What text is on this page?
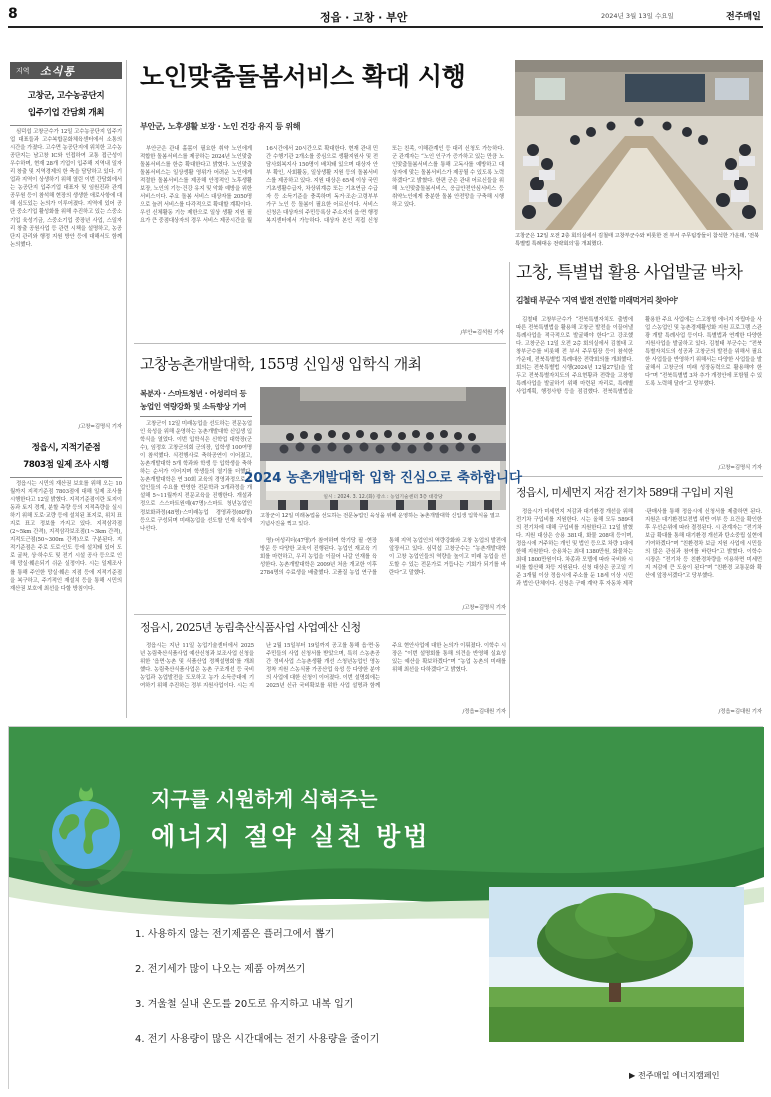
8	정읍 · 고창 · 부안	2024년 3월 13일 수요일	전주매일
지역 소식통
고창군, 고수농공단지
입주기업 간담회 개최

심덕섭 고창군수가 12일 고수농공단지 입주기업 대표들과 고수복합문화체육센터에서 소통의 시간을 가졌다. 고수면 농공단지에 위치한 고수농공단지는 남고창 IC와 인접하여 교통 접근성이 우수하며, 현재 28개 기업이 입주해 지역내 일자리 창출 및 지역경제의 한 축을 담당하고 있다. 기업과 지역이 상생하기 위해 열린 이번 간담회에서는 농공단지 입주기업 대표자 및 임원진과 관계 공무원 등이 참석해 현장의 생생한 애로사항에 대해 심도있는 논의가 이루어졌다. 지역에 있어 공단 중소기업 활성화를 위해 추진하고 있는 스중소기업 육성기금, 스중소기업 중장년 사업, 스일자리 창출 공원사업 등 관련 시책을 설명하고, 농공단지 관리와 행정 지원 방안 등에 대해서도 함께 논의했다.

/고창=김명식 기자
정읍시, 지적기준점
7803점 일제 조사 시행

정읍시는 시민의 재산권 보호를 위해 오는 10월까지 지적기준점 7803점에 대해 일제 조사를 시행한다고 12일 밝혔다. 지적기준점이란 토지이동과 토지 경계, 분할 측량 등의 지적측량을 실시하기 위해 도로·교량 등에 설치된 표지로, 위치 표지로 표고 정보를 가지고 있다. 지적삼각점(2~5km 간격), 지적삼각보조점(1~3km 간격), 지적도근점(50~300m 간격)으로 구분된다. 지적기준점은 주로 도로·인도 등에 설치돼 있어 도로 굴착, 상·하수도 및 전기 시설 공사 등으로 인해 망실·훼손되기 쉬운 실정이다. 시는 일제조사를 통해 주인한 망실·훼손 지점 등에 지적기준점을 복구하고, 주기적인 재설치 등을 통해 시민의 재산권 보호에 최선을 다할 방침이다.

노인맞춤돌봄서비스 확대 시행
부안군, 노후생활 보장 · 노인 건강 유지 등 위해

부안군은 관내 홀몸이 필요한 취약 노인에게 적합한 돌봄서비스를 제공하는 2024년 노인맞춤돌봄서비스를 한층 확대한다고 밝혔다. 노인맞춤돌봄서비스는 일상생활 영위가 어려운 노인에게 적절한 돌봄서비스를 제공해 안정적인 노후생활 보장, 노인의 기능·건강 유지 및 악화 예방을 위한 서비스이다. 주요 돌봄 서비스 대상자를 2050명으로 늘려 서비스를 다각적으로 확대할 계획이다. 우선 신체활동 기능 제한으로 일상 생활 지원 필요가 큰 중점대상자의 경우 서비스 제공시간을 월 16시간에서 20시간으로 확대한다. 현재 관내 민간 수행기관 2개소를 중심으로 생활지원사 및 전담사회복지사 150명이 배치돼 있으며 대상자 안부 확인, 사회활동, 일상생활 지원 등의 돌봄서비스를 제공하고 있다. 지원 대상은 65세 이상 국민기초생활수급자, 차상위계층 또는 기초연금 수급자 등 소득기준을 충족하며 독거·조손·고령부부 가구 노인 등 돌봄이 필요한 어르신이다. 서비스 신청은 대상자의 주민등록상 주소지의 읍·면 행정복지센터에서 가능하다. 대상자 본인 직접 신청 또는 친족, 이해관계인 등 대리 신청도 가능하다. 군 관계자는 “노인 인구가 증가하고 있는 만큼 노인맞춤돌봄서비스를 통해 고독사를 예방하고 대상자에 맞는 돌봄서비스가 제공될 수 있도록 노력하겠다”고 밝혔다. 한편 군은 관내 어르신들을 위해 노인맞춤돌봄서비스, 응급안전안심서비스 등 취약노인에게 충분한 돌봄 안전망을 구축해 시행하고 있다.

/부안=김석원 기자
고창군은 12일 오전 2층 회의실에서 김철태 고창부군수와 비롯한 전 부서 주무팀장들이 참석한 가운데, '전북특별법 특례대응 전략회의'를 개최했다.
고창, 특별법 활용 사업발굴 박차
김철태 부군수 '지역 발전 견인할 미래먹거리 찾아야'

김철태 고창부군수가 “전북특별자치도 출범에 따른 전북특별법을 활용해 고창군 발전을 이끌어낼 특례사업을 적극적으로 발굴해야 한다”고 강조했다. 고창군은 12일 오전 2층 회의실에서 김철태 고창부군수를 비롯해 전 부서 주무팀장 등이 참석한 가운데, 전북특별법 특례대응 전략회의를 개최했다. 회의는 전북특별법 시행(2024년 12월27일)을 앞두고 전북특별자치도의 주요현황과 전략을 고창형 특례사업을 발굴하기 위해 마련된 자리로, 특례별 사업계획, 행정사항 등을 점검했다. 전북특별법을 활용한 주요 사업에는 스고창형 에너지 자립마을 사업 스농업인 및 농촌경제활성화 지원 프로그램 스관광 개발 특례사업 등이다. 특별법과 연계한 다양한 지원사업을 발굴하고 있다. 김철태 부군수는 “전북특별자치도의 성공과 고창군의 발전을 위해서 필요한 사업들을 반영하기 위해서는 다양한 사업들을 발굴해서 고창군의 미래 성장동력으로 활용해야 한다”며 “전북특별법 3차 추가 개정안에 포함될 수 있도록 노력해 달라”고 당부했다.

/고창=김명식 기자
고창농촌개발대학, 155명 신입생 입학식 개최
복분자 · 스마트청년 · 어성리더 등
농업인 역량강화 및 소득향상 기여

고창군이 12일 미래농업을 선도하는 전문농업인 육성을 위해 운영하는 농촌개발대학 신입생 입학식을 열었다. 이번 입학식은 신학업 대학장(군수), 임정호 고창군의회 군의장, 입학생 100여명이 참석했다. 식전행사로 축하공연이 이어졌고, 농촌개발대학 5개 학과와 학생 등 입학생을 축하하는 순서가 이어지며 학생들의 열기를 더했다. 농촌개발대학은 연 30회 교육의 경영과정으로 농업인들의 수요를 반영한 전문학과 3개과정을 개설해 5~11월까지 전문교육을 진행한다. 개설과정으로 스스마트원예(47명)·스마트 청년농업인 정보화과정(48명)·스미래농업 경영과정(60명) 등으로 구성되며 미래농업을 선도할 인재 육성에 나선다.

2024 농촌개발대학 입학 진심으로 축하합니다
일시 : 2024. 3. 12.(화) 장소 : 농업기술센터 3층 대강당
고창군이 12일 미래농업을 선도하는 전문농업인 육성을 위해 운영하는 농촌개발대학 신입생 입학식을 열고 기념사진을 찍고 있다.

명)·어성리더(47명)가 참여하며 학기당 필 ·현장 방문 등 다양한 교육이 진행된다. 농업인 재교육 기회를 마련하고, 우리 농업을 이끌어 나갈 인재를 육성한다. 농촌개발대학은 2009년 처음 개교한 이후 2784명의 수료생을 배출했다. 고품질 농업 연구를 통해 지역 농업인의 역량강화와 고창 농업의 발전에 앞장서고 있다. 심덕섭 고창군수는 “농촌개발대학이 고창 농업인들의 역량을 높이고 미래 농업을 선도할 수 있는 전문가로 거듭나는 기회가 되기를 바란다”고 말했다.

/고창=김명식 기자
정읍시, 2025년 농림축산식품사업 사업예산 신청

정읍시는 지난 11일 농업기술센터에서 2025년 농림축산식품사업 예산신청과 보조사업 신청을 위한 ‘읍면·농촌 및 식품산업 정책설명회’를 개최했다. 농림축산식품사업은 농촌 구조개선 등 국비 농업과 농업발전을 도모하고 농가 소득증대에 기여하기 위해 추진하는 정부 지원사업이다. 시는 지난 2월 15일부터 19일까지 공고를 통해 읍·면·동 주민들의 사업 신청서를 받았으며, 특히 스농촌공간 정비사업 스농촌생활 개선 스청년농업인 영농정착 지원 스농식품 가공산업 육성 등 다양한 분야의 사업에 대한 신청이 이어졌다. 이번 설명회에는 2025년 신규 국비확보를 위한 사업 설명과 함께 주요 현안사업에 대한 논의가 이뤄졌다. 이학수 시장은 “이번 설명회를 통해 의견을 반영해 실효성 있는 예산을 확보하겠다”며 “농업 농촌의 미래를 위해 최선을 다하겠다”고 밝혔다.

/정읍=김대원 기자
정읍시, 미세먼지 저감 전기차 589대 구입비 지원

정읍시가 미세먼지 저감과 대기환경 개선을 위해 전기차 구입비를 지원한다. 시는 올해 모두 589대의 전기차에 대해 구입비를 지원한다고 12일 밝혔다. 지원 대상은 승용 381대, 화물 208대 등이며, 정읍시에 거주하는 개인 및 법인 등으로 차량 1대에 한해 지원한다. 승용차는 최대 1380만원, 화물차는 최대 1800만원이다. 차종과 모델에 따라 국비와 시비를 합산해 차등 지원된다. 신청 대상은 공고일 기준 3개월 이상 정읍시에 주소를 둔 18세 이상 시민과 법인·단체이다. 신청은 구매 계약 후 자동차 제작·판매사를 통해 정읍시에 신청서를 제출하면 된다. 지원은 대기환경보전법 위반 여부 등 요건을 확인한 후 우선순위에 따라 결정된다. 시 관계자는 “전기차 보급 확대를 통해 대기환경 개선과 탄소중립 실현에 기여하겠다”며 “친환경차 보급 지원 사업에 시민들의 많은 관심과 참여를 바란다”고 밝혔다. 이학수 시장은 “전기차 등 친환경차량을 이용하면 미세먼지 저감에 큰 도움이 된다”며 “친환경 교통문화 확산에 앞장서겠다”고 당부했다.

/정읍=김대원 기자
지구를 시원하게 식혀주는
에너지 절약 실천 방법
1. 사용하지 않는 전기제품은 플러그에서 뽑기
2. 전기세가 많이 나오는 제품 아껴쓰기
3. 겨울철 실내 온도를 20도로 유지하고 내복 입기
4. 전기 사용량이 많은 시간대에는 전기 사용량을 줄이기
▶ 전주매일 에너지캠페인
